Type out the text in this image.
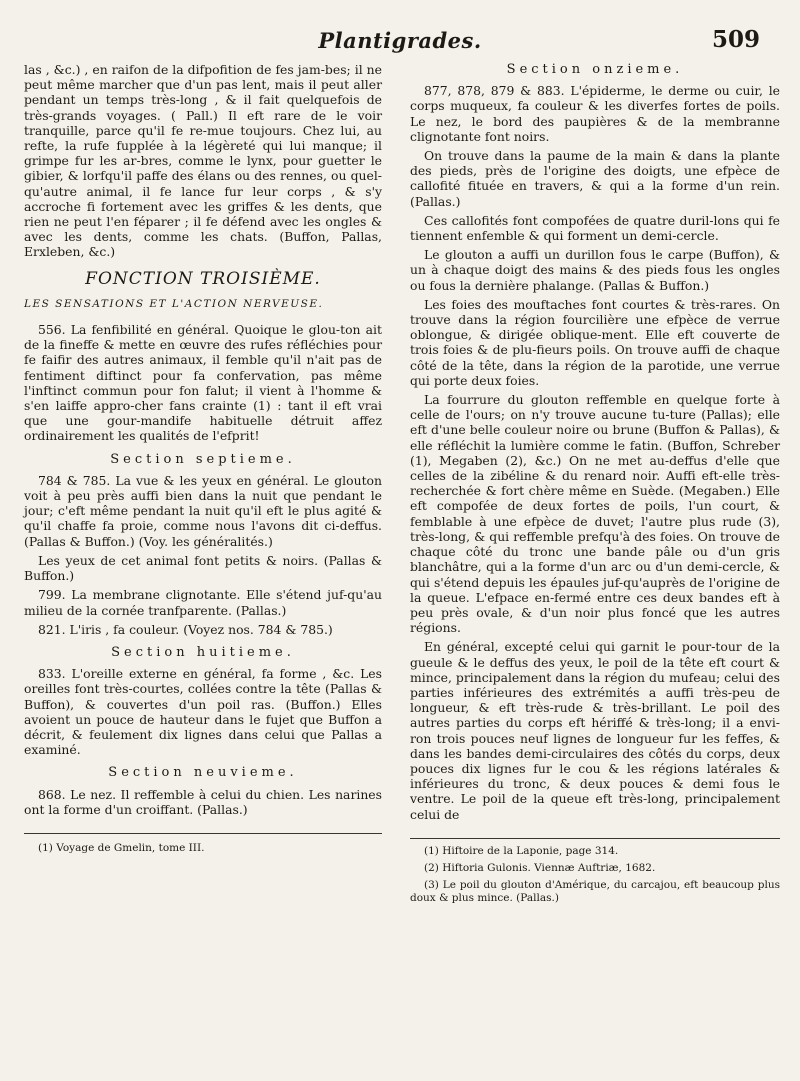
Plantigrades.	509

las , &c.) , en raifon de la difpofition de fes jam-bes; il ne peut même marcher que d'un pas lent, mais il peut aller pendant un temps très-long , & il fait quelquefois de très-grands voyages. ( Pall.) Il eft rare de le voir tranquille, parce qu'il fe re-mue toujours. Chez lui, au refte, la rufe fupplée à la légèreté qui lui manque; il grimpe fur les ar-bres, comme le lynx, pour guetter le gibier, & lorfqu'il paffe des élans ou des rennes, ou quel-qu'autre animal, il fe lance fur leur corps , & s'y accroche fi fortement avec les griffes & les dents, que rien ne peut l'en féparer ; il fe défend avec les ongles & avec les dents, comme les chats. (Buffon, Pallas, Erxleben, &c.)

FONCTION TROISIÈME.
LES SENSATIONS ET L'ACTION NERVEUSE.

556. La fenfibilité en général. Quoique le glou-ton ait de la fineffe & mette en œuvre des rufes réfléchies pour fe faifir des autres animaux, il femble qu'il n'ait pas de fentiment diftinct pour fa confervation, pas même l'inftinct commun pour fon falut; il vient à l'homme & s'en laiffe appro-cher fans crainte (1) : tant il eft vrai que une gour-mandife habituelle détruit affez ordinairement les qualités de l'efprit!

Section septieme.

784 & 785. La vue & les yeux en général. Le glouton voit à peu près auffi bien dans la nuit que pendant le jour; c'eft même pendant la nuit qu'il eft le plus agité & qu'il chaffe fa proie, comme nous l'avons dit ci-deffus. (Pallas & Buffon.) (Voy. les généralités.)

Les yeux de cet animal font petits & noirs. (Pallas & Buffon.)

799. La membrane clignotante. Elle s'étend juf-qu'au milieu de la cornée tranfparente. (Pallas.)

821. L'iris , fa couleur. (Voyez nos. 784 & 785.)

Section huitieme.

833. L'oreille externe en général, fa forme , &c. Les oreilles font très-courtes, collées contre la tête (Pallas & Buffon), & couvertes d'un poil ras. (Buffon.) Elles avoient un pouce de hauteur dans le fujet que Buffon a décrit, & feulement dix lignes dans celui que Pallas a examiné.

Section neuvieme.

868. Le nez. Il reffemble à celui du chien. Les narines ont la forme d'un croiffant. (Pallas.)

(1) Voyage de Gmelin, tome III.

Section onzieme.

877, 878, 879 & 883. L'épiderme, le derme ou cuir, le corps muqueux, fa couleur & les diverfes fortes de poils. Le nez, le bord des paupières & de la membranne clignotante font noirs.

On trouve dans la paume de la main & dans la plante des pieds, près de l'origine des doigts, une efpèce de callofité fituée en travers, & qui a la forme d'un rein. (Pallas.)

Ces callofités font compofées de quatre duril-lons qui fe tiennent enfemble & qui forment un demi-cercle.

Le glouton a auffi un durillon fous le carpe (Buffon), & un à chaque doigt des mains & des pieds fous les ongles ou fous la dernière phalange. (Pallas & Buffon.)

Les foies des mouftaches font courtes & très-rares. On trouve dans la région fourcilière une efpèce de verrue oblongue, & dirigée oblique-ment. Elle eft couverte de trois foies & de plu-fieurs poils. On trouve auffi de chaque côté de la tête, dans la région de la parotide, une verrue qui porte deux foies.

La fourrure du glouton reffemble en quelque forte à celle de l'ours; on n'y trouve aucune tu-ture (Pallas); elle eft d'une belle couleur noire ou brune (Buffon & Pallas), & elle réfléchit la lumière comme le fatin. (Buffon, Schreber (1), Megaben (2), &c.) On ne met au-deffus d'elle que celles de la zibéline & du renard noir. Auffi eft-elle très-recherchée & fort chère même en Suède. (Megaben.) Elle eft compofée de deux fortes de poils, l'un court, & femblable à une efpèce de duvet; l'autre plus rude (3), très-long, & qui reffemble prefqu'à des foies. On trouve de chaque côté du tronc une bande pâle ou d'un gris blanchâtre, qui a la forme d'un arc ou d'un demi-cercle, & qui s'étend depuis les épaules juf-qu'auprès de l'origine de la queue. L'efpace en-fermé entre ces deux bandes eft à peu près ovale, & d'un noir plus foncé que les autres régions.

En général, excepté celui qui garnit le pour-tour de la gueule & le deffus des yeux, le poil de la tête eft court & mince, principalement dans la région du mufeau; celui des parties inférieures des extrémités a auffi très-peu de longueur, & eft très-rude & très-brillant. Le poil des autres parties du corps eft hériffé & très-long; il a envi-ron trois pouces neuf lignes de longueur fur les feffes, & dans les bandes demi-circulaires des côtés du corps, deux pouces dix lignes fur le cou & les régions latérales & inférieures du tronc, & deux pouces & demi fous le ventre. Le poil de la queue eft très-long, principalement celui de

(1) Hiftoire de la Laponie, page 314.

(2) Hiftoria Gulonis. Viennæ Auftriæ, 1682.

(3) Le poil du glouton d'Amérique, du carcajou, eft beaucoup plus doux & plus mince. (Pallas.)
